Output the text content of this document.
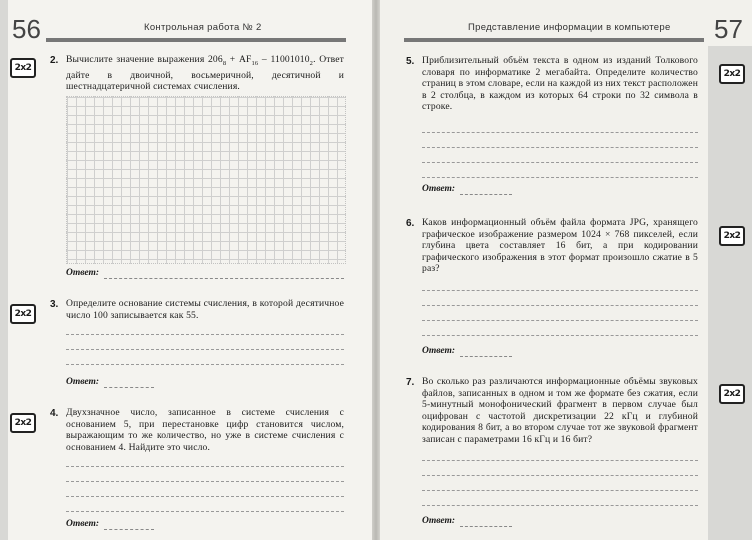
56	Контрольная работа № 2
2х2
2. Вычислите значение выражения $206_8 + AF_{16} - 11001010_2$. Ответ дайте в двоичной, восьмеричной, десятичной и шестнадцатеричной системах счисления.
Ответ:
2х2
3. Определите основание системы счисления, в которой десятичное число 100 записывается как 55.
Ответ:
2х2
4. Двухзначное число, записанное в системе счисления с основанием 5, при перестановке цифр становится числом, выражающим то же количество, но уже в системе счисления с основанием 4. Найдите это число.
Ответ:
Представление информации в компьютере 57
2х2
5. Приблизительный объём текста в одном из изданий Толкового словаря по информатике 2 мегабайта. Определите количество страниц в этом словаре, если на каждой из них текст расположен в 2 столбца, в каждом из которых 64 строки по 32 символа в строке.
Ответ:
2х2
6. Каков информационный объём файла формата JPG, хранящего графическое изображение размером 1024 × 768 пикселей, если глубина цвета составляет 16 бит, а при кодировании графического изображения в этот формат произошло сжатие в 5 раз?
Ответ:
2х2
7. Во сколько раз различаются информационные объёмы звуковых файлов, записанных в одном и том же формате без сжатия, если 5-минутный монофонический фрагмент в первом случае был оцифрован с частотой дискретизации 22 кГц и глубиной кодирования 8 бит, а во втором случае тот же звуковой фрагмент записан с параметрами 16 кГц и 16 бит?
Ответ:
